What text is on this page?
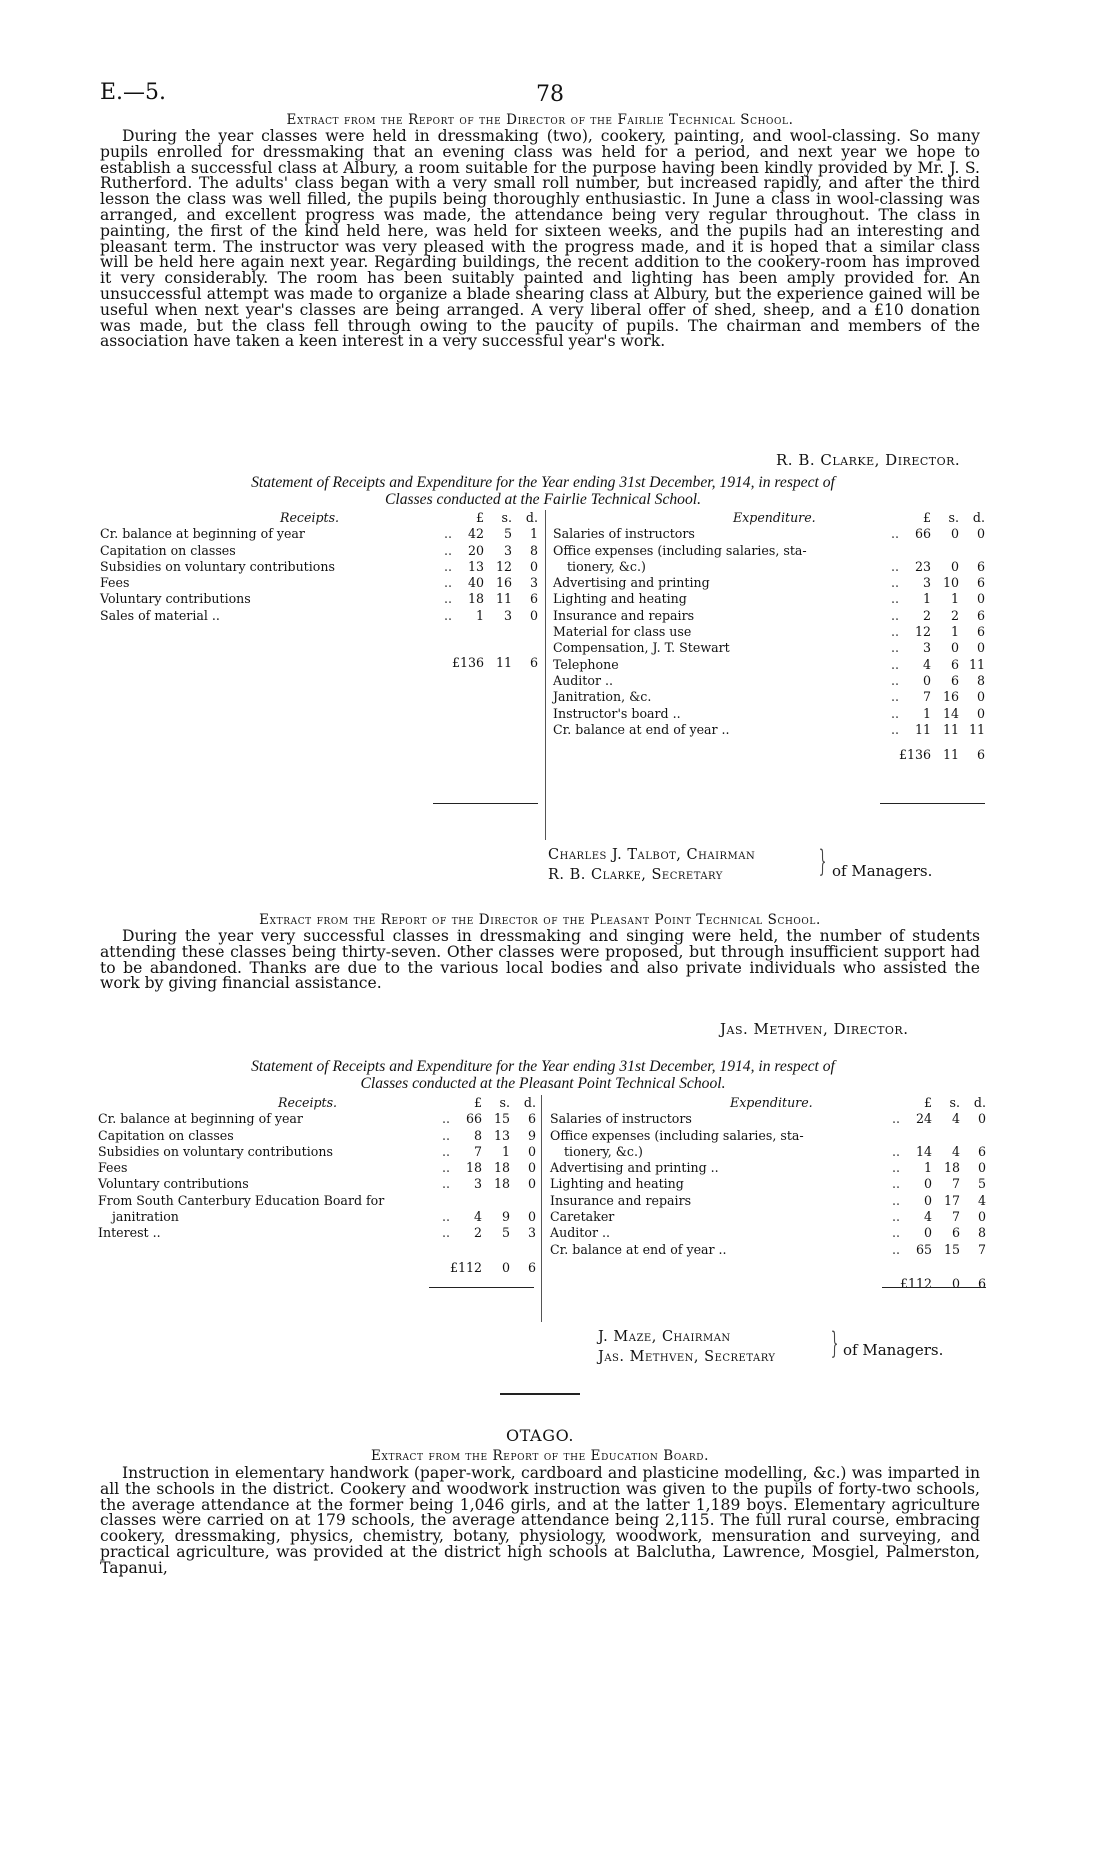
E.—5.	78
Extract from the Report of the Director of the Fairlie Technical School.

During the year classes were held in dressmaking (two), cookery, painting, and wool-classing. So many pupils enrolled for dressmaking that an evening class was held for a period, and next year we hope to establish a successful class at Albury, a room suitable for the purpose having been kindly provided by Mr. J. S. Rutherford. The adults' class began with a very small roll number, but increased rapidly, and after the third lesson the class was well filled, the pupils being thoroughly enthusiastic. In June a class in wool-classing was arranged, and excellent progress was made, the attendance being very regular throughout. The class in painting, the first of the kind held here, was held for sixteen weeks, and the pupils had an interesting and pleasant term. The instructor was very pleased with the progress made, and it is hoped that a similar class will be held here again next year. Regarding buildings, the recent addition to the cookery-room has improved it very considerably. The room has been suitably painted and lighting has been amply provided for. An unsuccessful attempt was made to organize a blade shearing class at Albury, but the experience gained will be useful when next year's classes are being arranged. A very liberal offer of shed, sheep, and a £10 donation was made, but the class fell through owing to the paucity of pupils. The chairman and members of the association have taken a keen interest in a very successful year's work.

R. B. Clarke, Director.
Statement of Receipts and Expenditure for the Year ending 31st December, 1914, in respect of
Classes conducted at the Fairlie Technical School.
Receipts.	£ s. d.
Cr. balance at beginning of year	.. 42 5 1
Capitation on classes	.. 20 3 8
Subsidies on voluntary contributions	.. 13 12 0
Fees	.. 40 16 3
Voluntary contributions	.. 18 11 6
Sales of material ..	.. 1 3 0
£136 11 6
Expenditure.	£ s. d.
Salaries of instructors	.. 66 0 0
Office expenses (including salaries, sta-
tionery, &c.)	.. 23 0 6
Advertising and printing	.. 3 10 6
Lighting and heating	.. 1 1 0
Insurance and repairs	.. 2 2 6
Material for class use	.. 12 1 6
Compensation, J. T. Stewart	.. 3 0 0
Telephone	.. 4 6 11
Auditor ..	.. 0 6 8
Janitration, &c.	.. 7 16 0
Instructor's board ..	.. 1 14 0
Cr. balance at end of year ..	.. 11 11 11
£136 11 6
Charles J. Talbot, Chairman
R. B. Clarke, Secretary	} of Managers.
Extract from the Report of the Director of the Pleasant Point Technical School.

During the year very successful classes in dressmaking and singing were held, the number of students attending these classes being thirty-seven. Other classes were proposed, but through insufficient support had to be abandoned. Thanks are due to the various local bodies and also private individuals who assisted the work by giving financial assistance.

Jas. Methven, Director.
Statement of Receipts and Expenditure for the Year ending 31st December, 1914, in respect of
Classes conducted at the Pleasant Point Technical School.
Receipts.	£ s. d.
Cr. balance at beginning of year	.. 66 15 6
Capitation on classes	.. 8 13 9
Subsidies on voluntary contributions	.. 7 1 0
Fees	.. 18 18 0
Voluntary contributions	.. 3 18 0
From South Canterbury Education Board for
janitration	.. 4 9 0
Interest ..	.. 2 5 3
£112 0 6
Expenditure.	£ s. d.
Salaries of instructors	.. 24 4 0
Office expenses (including salaries, sta-
tionery, &c.)	.. 14 4 6
Advertising and printing ..	.. 1 18 0
Lighting and heating	.. 0 7 5
Insurance and repairs	.. 0 17 4
Caretaker	.. 4 7 0
Auditor ..	.. 0 6 8
Cr. balance at end of year ..	.. 65 15 7
£112 0 6
J. Maze, Chairman
Jas. Methven, Secretary } of Managers.
OTAGO.
Extract from the Report of the Education Board.

Instruction in elementary handwork (paper-work, cardboard and plasticine modelling, &c.) was imparted in all the schools in the district. Cookery and woodwork instruction was given to the pupils of forty-two schools, the average attendance at the former being 1,046 girls, and at the latter 1,189 boys. Elementary agriculture classes were carried on at 179 schools, the average attendance being 2,115. The full rural course, embracing cookery, dressmaking, physics, chemistry, botany, physiology, woodwork, mensuration and surveying, and practical agriculture, was provided at the district high schools at Balclutha, Lawrence, Mosgiel, Palmerston, Tapanui,
